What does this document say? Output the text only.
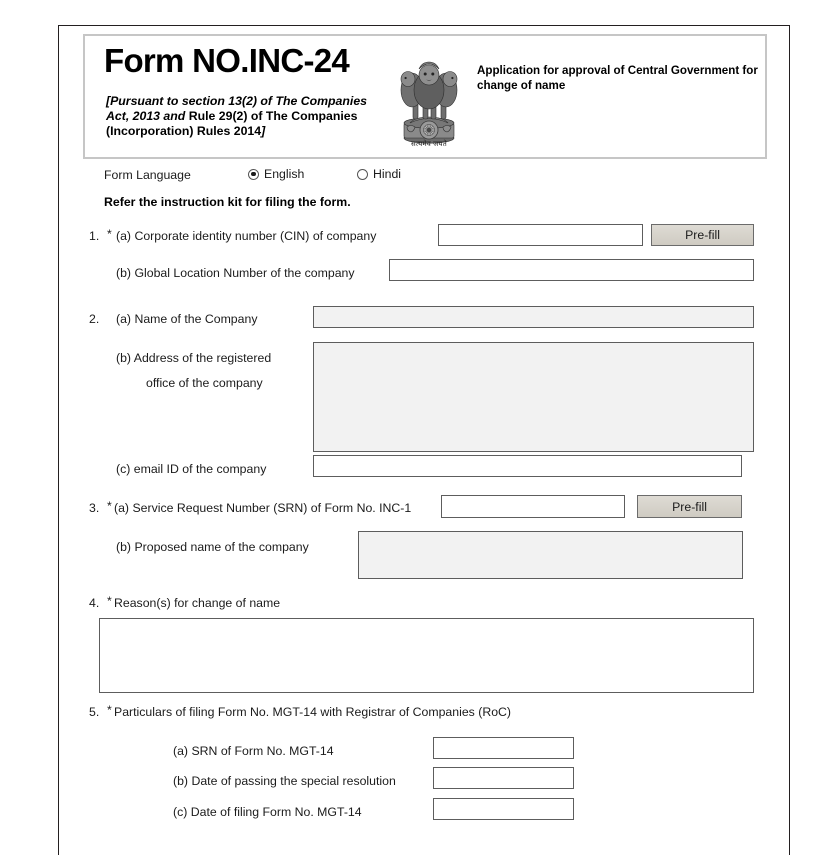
Form NO.INC-24
[Pursuant to section 13(2) of The Companies
Act, 2013 and Rule 29(2) of The Companies
(Incorporation) Rules 2014]
सत्यमेव जयते
Application for approval of Central Government for change of name
Form Language	English	Hindi
Refer the instruction kit for filing the form.
1. * (a) Corporate identity number (CIN) of company	Pre-fill
(b) Global Location Number of the company
2. (a) Name of the Company
(b) Address of the registered
office of the company
(c) email ID of the company
3. * (a) Service Request Number (SRN) of Form No. INC-1	Pre-fill
(b) Proposed name of the company
4. * Reason(s) for change of name
5. * Particulars of filing Form No. MGT-14 with Registrar of Companies (RoC)
(a) SRN of Form No. MGT-14
(b) Date of passing the special resolution
(c) Date of filing Form No. MGT-14
